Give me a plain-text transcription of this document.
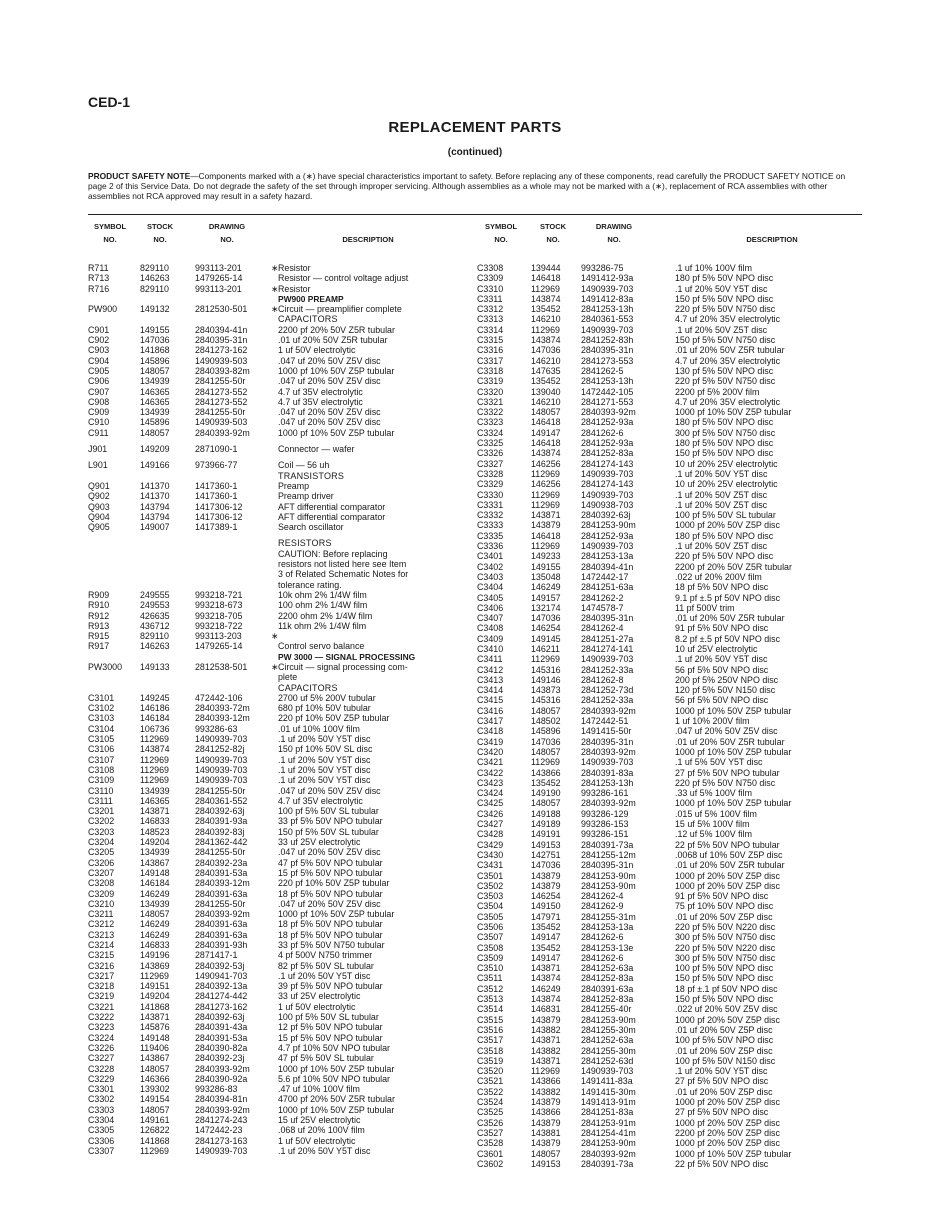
CED-1
REPLACEMENT PARTS
(continued)
PRODUCT SAFETY NOTE—Components marked with a (∗) have special characteristics important to safety. Before replacing any of these components, read carefully the PRODUCT SAFETY NOTICE on page 2 of this Service Data. Do not degrade the safety of the set through improper servicing. Although assemblies as a whole may not be marked with a (∗), replacement of RCA assemblies with other assemblies not RCA approved may result in a safety hazard.
SYMBOL
NO.
STOCK
NO.
DRAWING
NO.	DESCRIPTION
R711	829110	993113-201	∗ Resistor
R713	146263	1479265-14	Resistor — control voltage adjust
R716	829110	993113-201	∗ Resistor
PW900 PREAMP
PW900	149132	2812530-501	∗ Circuit — preamplifier complete
CAPACITORS
C901	149155	2840394-41n	2200 pf 20% 50V Z5R tubular
C902	147036	2840395-31n	.01 uf 20% 50V Z5R tubular
C903	141868	2841273-162	1 uf 50V electrolytic
C904	145896	1490939-503	.047 uf 20% 50V Z5V disc
C905	148057	2840393-82m	1000 pf 10% 50V Z5P tubular
C906	134939	2841255-50r	.047 uf 20% 50V Z5V disc
C907	146365	2841273-552	4.7 uf 35V electrolytic
C908	146365	2841273-552	4.7 uf 35V electrolytic
C909	134939	2841255-50r	.047 uf 20% 50V Z5V disc
C910	145896	1490939-503	.047 uf 20% 50V Z5V disc
C911	148057	2840393-92m	1000 pf 10% 50V Z5P tubular
J901	149209	2871090-1	Connector — wafer
L901	149166	973966-77	Coil — 56 uh
TRANSISTORS
Q901	141370	1417360-1	Preamp
Q902	141370	1417360-1	Preamp driver
Q903	143794	1417306-12	AFT differential comparator
Q904	143794	1417306-12	AFT differential comparator
Q905	149007	1417389-1	Search oscillator
RESISTORS
CAUTION: Before replacing
resistors not listed here see Item
3 of Related Schematic Notes for
tolerance rating.
R909	249555	993218-721	10k ohm 2% 1/4W film
R910	249553	993218-673	100 ohm 2% 1/4W film
R912	426635	993218-705	2200 ohm 2% 1/4W film
R913	436712	993218-722	11k ohm 2% 1/4W film
R915	829110	993113-203	∗
R917	146263	1479265-14	Control servo balance
PW 3000 — SIGNAL PROCESSING
PW3000 149133	2812538-501	∗ Circuit — signal processing com-
plete
CAPACITORS
C3101	149245	472442-106	2700 uf 5% 200V tubular
C3102	146186	2840393-72m	680 pf 10% 50V tubular
C3103	146184	2840393-12m	220 pf 10% 50V Z5P tubular
C3104	106736	993286-63	.01 uf 10% 100V film
C3105	112969	1490939-703	.1 uf 20% 50V Y5T disc
C3106	143874	2841252-82j	150 pf 10% 50V SL disc
C3107	112969	1490939-703	.1 uf 20% 50V Y5T disc
C3108	112969	1490939-703	.1 uf 20% 50V Y5T disc
C3109	112969	1490939-703	.1 uf 20% 50V Y5T disc
C3110	134939	2841255-50r	.047 uf 20% 50V Z5V disc
C3111	146365	2840361-552	4.7 uf 35V electrolytic
C3201	143871	2840392-63j	100 pf 5% 50V SL tubular
C3202	146833	2840391-93a	33 pf 5% 50V NPO tubular
C3203	148523	2840392-83j	150 pf 5% 50V SL tubular
C3204	149204	2841362-442	33 uf 25V electrolytic
C3205	134939	2841255-50r	.047 uf 20% 50V Z5V disc
C3206	143867	2840392-23a	47 pf 5% 50V NPO tubular
C3207	149148	2840391-53a	15 pf 5% 50V NPO tubular
C3208	146184	2840393-12m	220 pf 10% 50V Z5P tubular
C3209	146249	2840391-63a	18 pf 5% 50V NPO tubular
C3210	134939	2841255-50r	.047 uf 20% 50V Z5V disc
C3211	148057	2840393-92m	1000 pf 10% 50V Z5P tubular
C3212	146249	2840391-63a	18 pf 5% 50V NPO tubular
C3213	146249	2840391-63a	18 pf 5% 50V NPO tubular
C3214	146833	2840391-93h	33 pf 5% 50V N750 tubular
C3215	149196	2871417-1	4 pf 500V N750 trimmer
C3216	143869	2840392-53j	82 pf 5% 50V SL tubular
C3217	112969	1490941-703	.1 uf 20% 50V Y5T disc
C3218	149151	2840392-13a	39 pf 5% 50V NPO tubular
C3219	149204	2841274-442	33 uf 25V electrolytic
C3221	141868	2841273-162	1 uf 50V electrolytic
C3222	143871	2840392-63j	100 pf 5% 50V SL tubular
C3223	145876	2840391-43a	12 pf 5% 50V NPO tubular
C3224	149148	2840391-53a	15 pf 5% 50V NPO tubular
C3226	119406	2840390-82a	4.7 pf 10% 50V NPO tubular
C3227	143867	2840392-23j	47 pf 5% 50V SL tubular
C3228	148057	2840393-92m	1000 pf 10% 50V Z5P tubular
C3229	146366	2840390-92a	5.6 pf 10% 50V NPO tubular
C3301	139302	993286-83	.47 uf 10% 100V film
C3302	149154	2840394-81n	4700 pf 20% 50V Z5R tubular
C3303	148057	2840393-92m	1000 pf 10% 50V Z5P tubular
C3304	149161	2841274-243	15 uf 25V electrolytic
C3305	126822	1472442-23	.068 uf 20% 100V film
C3306	141868	2841273-163	1 uf 50V electrolytic
C3307	112969	1490939-703	.1 uf 20% 50V Y5T disc
SYMBOL
NO.
STOCK
NO.
DRAWING
NO.	DESCRIPTION
C3308	139444 993286-75	.1 uf 10% 100V film
C3309	146418 1491412-93a	180 pf 5% 50V NPO disc
C3310	112969 1490939-703	.1 uf 20% 50V Y5T disc
C3311	143874 1491412-83a	150 pf 5% 50V NPO disc
C3312	135452 2841253-13h	220 pf 5% 50V N750 disc
C3313	146210 2840361-553	4.7 uf 20% 35V electrolytic
C3314	112969 1490939-703	.1 uf 20% 50V Z5T disc
C3315	143874 2841252-83h	150 pf 5% 50V N750 disc
C3316	147036 2840395-31n	.01 uf 20% 50V Z5R tubular
C3317	146210 2841273-553	4.7 uf 20% 35V electrolytic
C3318	147635 2841262-5	130 pf 5% 50V NPO disc
C3319	135452 2841253-13h	220 pf 5% 50V N750 disc
C3320	139040 1472442-105	2200 pf 5% 200V film
C3321	146210 2841271-553	4.7 uf 20% 35V electrolytic
C3322	148057 2840393-92m	1000 pf 10% 50V Z5P tubular
C3323	146418 2841252-93a	180 pf 5% 50V NPO disc
C3324	149147 2841262-6	300 pf 5% 50V N750 disc
C3325	146418 2841252-93a	180 pf 5% 50V NPO disc
C3326	143874 2841252-83a	150 pf 5% 50V NPO disc
C3327	146256 2841274-143	10 uf 20% 25V electrolytic
C3328	112969 1490939-703	.1 uf 20% 50V Y5T disc
C3329	146256 2841274-143	10 uf 20% 25V electrolytic
C3330	112969 1490939-703	.1 uf 20% 50V Z5T disc
C3331	112969 1490938-703	.1 uf 20% 50V Z5T disc
C3332	143871 2840392-63j	100 pf 5% 50V SL tubular
C3333	143879 2841253-90m	1000 pf 20% 50V Z5P disc
C3335	146418 2841252-93a	180 pf 5% 50V NPO disc
C3336	112969 1490939-703	.1 uf 20% 50V Z5T disc
C3401	149233 2841253-13a	220 pf 5% 50V NPO disc
C3402	149155 2840394-41n	2200 pf 20% 50V Z5R tubular
C3403	135048 1472442-17	.022 uf 20% 200V film
C3404	146249 2841251-63a	18 pf 5% 50V NPO disc
C3405	149157 2841262-2	9.1 pf ±.5 pf 50V NPO disc
C3406	132174 1474578-7	11 pf 500V trim
C3407	147036 2840395-31n	.01 uf 20% 50V Z5R tubular
C3408	146254 2841262-4	91 pf 5% 50V NPO disc
C3409	149145 2841251-27a	8.2 pf ±.5 pf 50V NPO disc
C3410	146211 2841274-141	10 uf 25V electrolytic
C3411	112969 1490939-703	.1 uf 20% 50V Y5T disc
C3412	145316 2841252-33a	56 pf 5% 50V NPO disc
C3413	149146 2841262-8	200 pf 5% 250V NPO disc
C3414	143873 2841252-73d	120 pf 5% 50V N150 disc
C3415	145316 2841252-33a	56 pf 5% 50V NPO disc
C3416	148057 2840393-92m	1000 pf 10% 50V Z5P tubular
C3417	148502 1472442-51	1 uf 10% 200V film
C3418	145896 1491415-50r	.047 uf 20% 50V Z5V disc
C3419	147036 2840395-31n	.01 uf 20% 50V Z5R tubular
C3420	148057 2840393-92m	1000 pf 10% 50V Z5P tubular
C3421	112969 1490939-703	.1 uf 5% 50V Y5T disc
C3422	143866 2840391-83a	27 pf 5% 50V NPO tubular
C3423	135452 2841253-13h	220 pf 5% 50V N750 disc
C3424	149190 993286-161	.33 uf 5% 100V film
C3425	148057 2840393-92m	1000 pf 10% 50V Z5P tubular
C3426	149188 993286-129	.015 uf 5% 100V film
C3427	149189 993286-153	15 uf 5% 100V film
C3428	149191 993286-151	.12 uf 5% 100V film
C3429	149153 2840391-73a	22 pf 5% 50V NPO tubular
C3430	142751 2841255-12m	.0068 uf 10% 50V Z5P disc
C3431	147036 2840395-31n	.01 uf 20% 50V Z5R tubular
C3501	143879 2841253-90m	1000 pf 20% 50V Z5P disc
C3502	143879 2841253-90m	1000 pf 20% 50V Z5P disc
C3503	146254 2841262-4	91 pf 5% 50V NPO disc
C3504	149150 2841262-9	75 pf 10% 50V NPO disc
C3505	147971 2841255-31m	.01 uf 20% 50V Z5P disc
C3506	135452 2841253-13a	220 pf 5% 50V N220 disc
C3507	149147 2841262-6	300 pf 5% 50V N750 disc
C3508	135452 2841253-13e	220 pf 5% 50V N220 disc
C3509	149147 2841262-6	300 pf 5% 50V N750 disc
C3510	143871 2841252-63a	100 pf 5% 50V NPO disc
C3511	143874 2841252-83a	150 pf 5% 50V NPO disc
C3512	146249 2840391-63a	18 pf ±.1 pf 50V NPO disc
C3513	143874 2841252-83a	150 pf 5% 50V NPO disc
C3514	146831 2841255-40r	.022 uf 20% 50V Z5V disc
C3515	143879 2841253-90m	1000 pf 20% 50V Z5P disc
C3516	143882 2841255-30m	.01 uf 20% 50V Z5P disc
C3517	143871 2841252-63a	100 pf 5% 50V NPO disc
C3518	143882 2841255-30m	.01 uf 20% 50V Z5P disc
C3519	143871 2841252-63d	100 pf 5% 50V N150 disc
C3520	112969 1490939-703	.1 uf 20% 50V Y5T disc
C3521	143866 1491411-83a	27 pf 5% 50V NPO disc
C3522	143882 1491415-30m	.01 uf 20% 50V Z5P disc
C3524	143879 1491413-91m	1000 pf 20% 50V Z5P disc
C3525	143866 2841251-83a	27 pf 5% 50V NPO disc
C3526	143879 2841253-91m	1000 pf 20% 50V Z5P disc
C3527	143881 2841254-41m	2200 pf 20% 50V Z5P disc
C3528	143879 2841253-90m	1000 pf 20% 50V Z5P disc
C3601	148057 2840393-92m	1000 pf 10% 50V Z5P tubular
C3602	149153 2840391-73a	22 pf 5% 50V NPO disc
